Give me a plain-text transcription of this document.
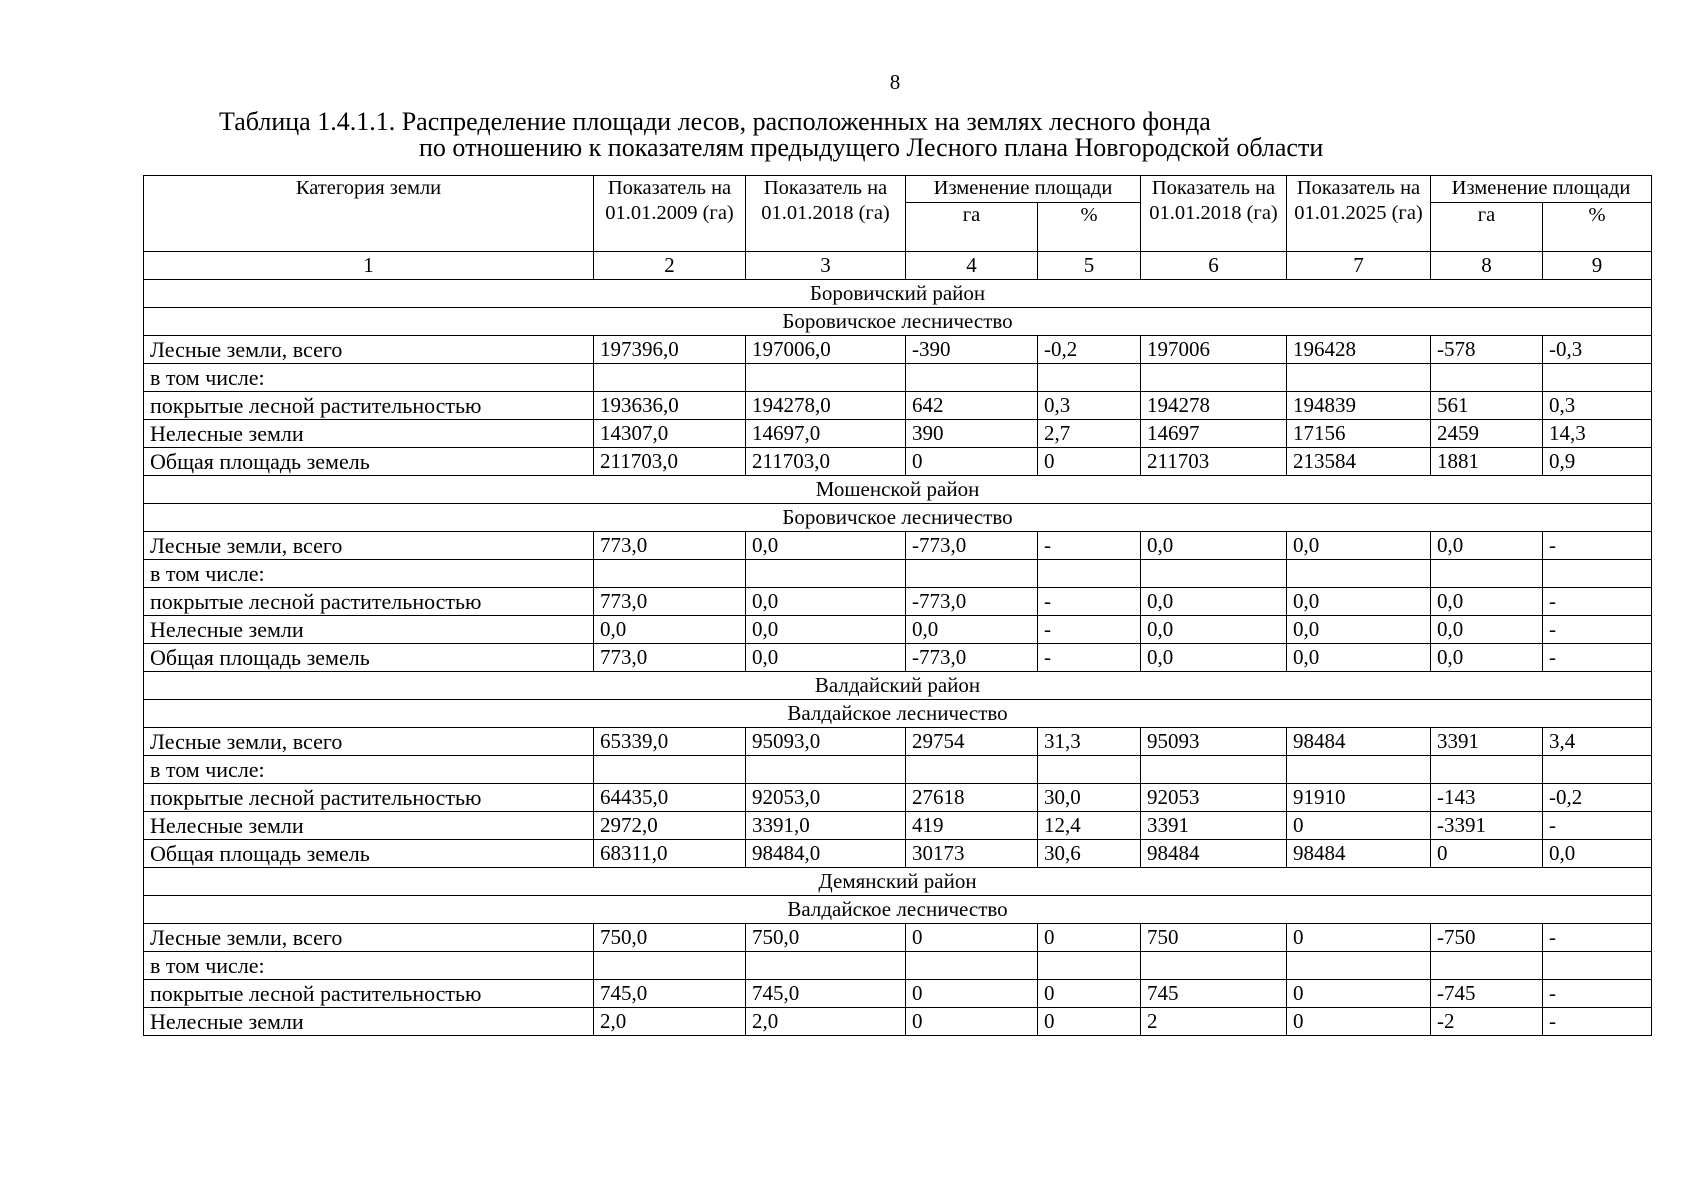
8
Таблица 1.4.1.1. Распределение площади лесов, расположенных на землях лесного фонда
по отношению к показателям предыдущего Лесного плана Новгородской области
Категория земли	Показатель на 01.01.2009 (га)	Показатель на 01.01.2018 (га)	Изменение площади		Показатель на 01.01.2018 (га)	Показатель на 01.01.2025 (га)	Изменение площади	
			га	%			га	%
1	2	3	4	5	6	7	8	9
Боровичский район								
Боровичское лесничество								
Лесные земли, всего	197396,0	197006,0	-390	-0,2	197006	196428	-578	-0,3
в том числе:								
покрытые лесной растительностью	193636,0	194278,0	642	0,3	194278	194839	561	0,3
Нелесные земли	14307,0	14697,0	390	2,7	14697	17156	2459	14,3
Общая площадь земель	211703,0	211703,0	0	0	211703	213584	1881	0,9
Мошенской район								
Боровичское лесничество								
Лесные земли, всего	773,0	0,0	-773,0	-	0,0	0,0	0,0	-
в том числе:								
покрытые лесной растительностью	773,0	0,0	-773,0	-	0,0	0,0	0,0	-
Нелесные земли	0,0	0,0	0,0	-	0,0	0,0	0,0	-
Общая площадь земель	773,0	0,0	-773,0	-	0,0	0,0	0,0	-
Валдайский район								
Валдайское лесничество								
Лесные земли, всего	65339,0	95093,0	29754	31,3	95093	98484	3391	3,4
в том числе:								
покрытые лесной растительностью	64435,0	92053,0	27618	30,0	92053	91910	-143	-0,2
Нелесные земли	2972,0	3391,0	419	12,4	3391	0	-3391	-
Общая площадь земель	68311,0	98484,0	30173	30,6	98484	98484	0	0,0
Демянский район								
Валдайское лесничество								
Лесные земли, всего	750,0	750,0	0	0	750	0	-750	-
в том числе:								
покрытые лесной растительностью	745,0	745,0	0	0	745	0	-745	-
Нелесные земли	2,0	2,0	0	0	2	0	-2	-
